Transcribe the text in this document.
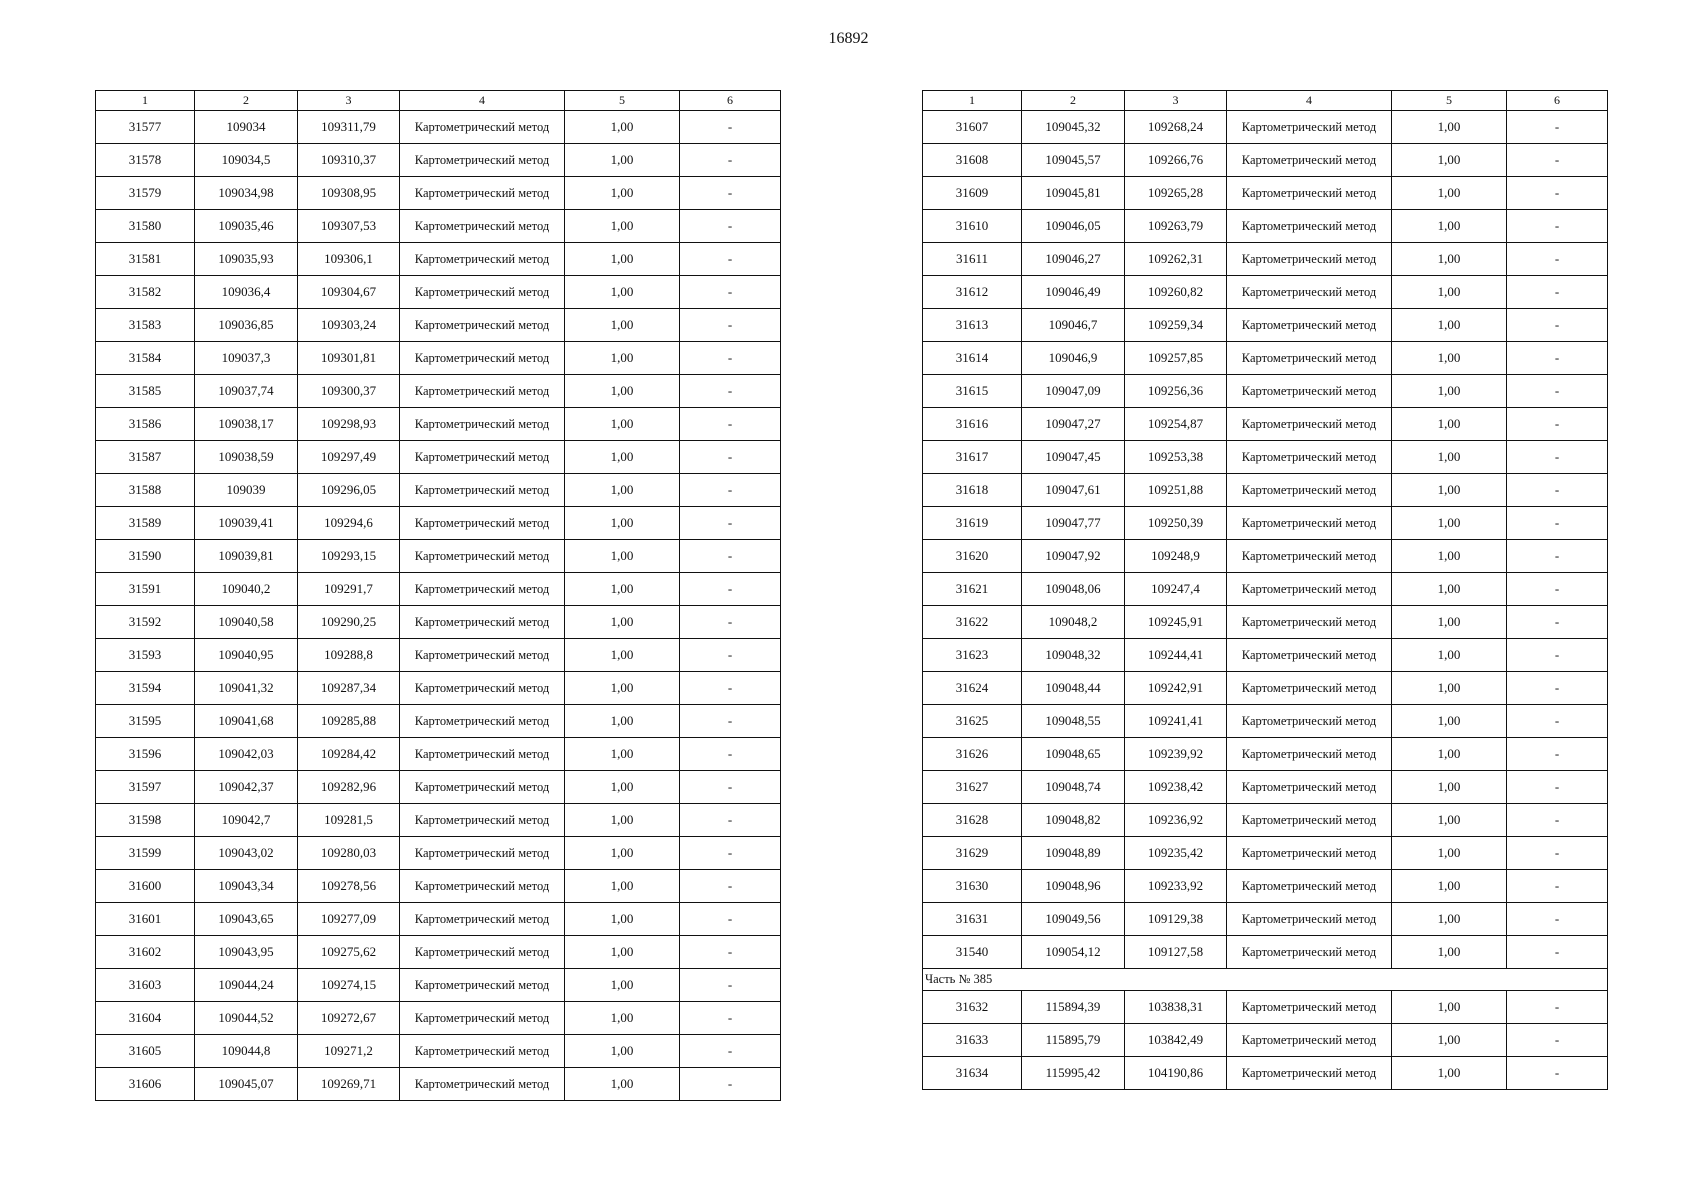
16892
1	2	3	4	5	6
31577	109034	109311,79	Картометрический метод	1,00	-
31578	109034,5	109310,37	Картометрический метод	1,00	-
31579	109034,98	109308,95	Картометрический метод	1,00	-
31580	109035,46	109307,53	Картометрический метод	1,00	-
31581	109035,93	109306,1	Картометрический метод	1,00	-
31582	109036,4	109304,67	Картометрический метод	1,00	-
31583	109036,85	109303,24	Картометрический метод	1,00	-
31584	109037,3	109301,81	Картометрический метод	1,00	-
31585	109037,74	109300,37	Картометрический метод	1,00	-
31586	109038,17	109298,93	Картометрический метод	1,00	-
31587	109038,59	109297,49	Картометрический метод	1,00	-
31588	109039	109296,05	Картометрический метод	1,00	-
31589	109039,41	109294,6	Картометрический метод	1,00	-
31590	109039,81	109293,15	Картометрический метод	1,00	-
31591	109040,2	109291,7	Картометрический метод	1,00	-
31592	109040,58	109290,25	Картометрический метод	1,00	-
31593	109040,95	109288,8	Картометрический метод	1,00	-
31594	109041,32	109287,34	Картометрический метод	1,00	-
31595	109041,68	109285,88	Картометрический метод	1,00	-
31596	109042,03	109284,42	Картометрический метод	1,00	-
31597	109042,37	109282,96	Картометрический метод	1,00	-
31598	109042,7	109281,5	Картометрический метод	1,00	-
31599	109043,02	109280,03	Картометрический метод	1,00	-
31600	109043,34	109278,56	Картометрический метод	1,00	-
31601	109043,65	109277,09	Картометрический метод	1,00	-
31602	109043,95	109275,62	Картометрический метод	1,00	-
31603	109044,24	109274,15	Картометрический метод	1,00	-
31604	109044,52	109272,67	Картометрический метод	1,00	-
31605	109044,8	109271,2	Картометрический метод	1,00	-
31606	109045,07	109269,71	Картометрический метод	1,00	-
1	2	3	4	5	6
31607	109045,32	109268,24	Картометрический метод	1,00	-
31608	109045,57	109266,76	Картометрический метод	1,00	-
31609	109045,81	109265,28	Картометрический метод	1,00	-
31610	109046,05	109263,79	Картометрический метод	1,00	-
31611	109046,27	109262,31	Картометрический метод	1,00	-
31612	109046,49	109260,82	Картометрический метод	1,00	-
31613	109046,7	109259,34	Картометрический метод	1,00	-
31614	109046,9	109257,85	Картометрический метод	1,00	-
31615	109047,09	109256,36	Картометрический метод	1,00	-
31616	109047,27	109254,87	Картометрический метод	1,00	-
31617	109047,45	109253,38	Картометрический метод	1,00	-
31618	109047,61	109251,88	Картометрический метод	1,00	-
31619	109047,77	109250,39	Картометрический метод	1,00	-
31620	109047,92	109248,9	Картометрический метод	1,00	-
31621	109048,06	109247,4	Картометрический метод	1,00	-
31622	109048,2	109245,91	Картометрический метод	1,00	-
31623	109048,32	109244,41	Картометрический метод	1,00	-
31624	109048,44	109242,91	Картометрический метод	1,00	-
31625	109048,55	109241,41	Картометрический метод	1,00	-
31626	109048,65	109239,92	Картометрический метод	1,00	-
31627	109048,74	109238,42	Картометрический метод	1,00	-
31628	109048,82	109236,92	Картометрический метод	1,00	-
31629	109048,89	109235,42	Картометрический метод	1,00	-
31630	109048,96	109233,92	Картометрический метод	1,00	-
31631	109049,56	109129,38	Картометрический метод	1,00	-
31540	109054,12	109127,58	Картометрический метод	1,00	-
Часть № 385					
31632	115894,39	103838,31	Картометрический метод	1,00	-
31633	115895,79	103842,49	Картометрический метод	1,00	-
31634	115995,42	104190,86	Картометрический метод	1,00	-
